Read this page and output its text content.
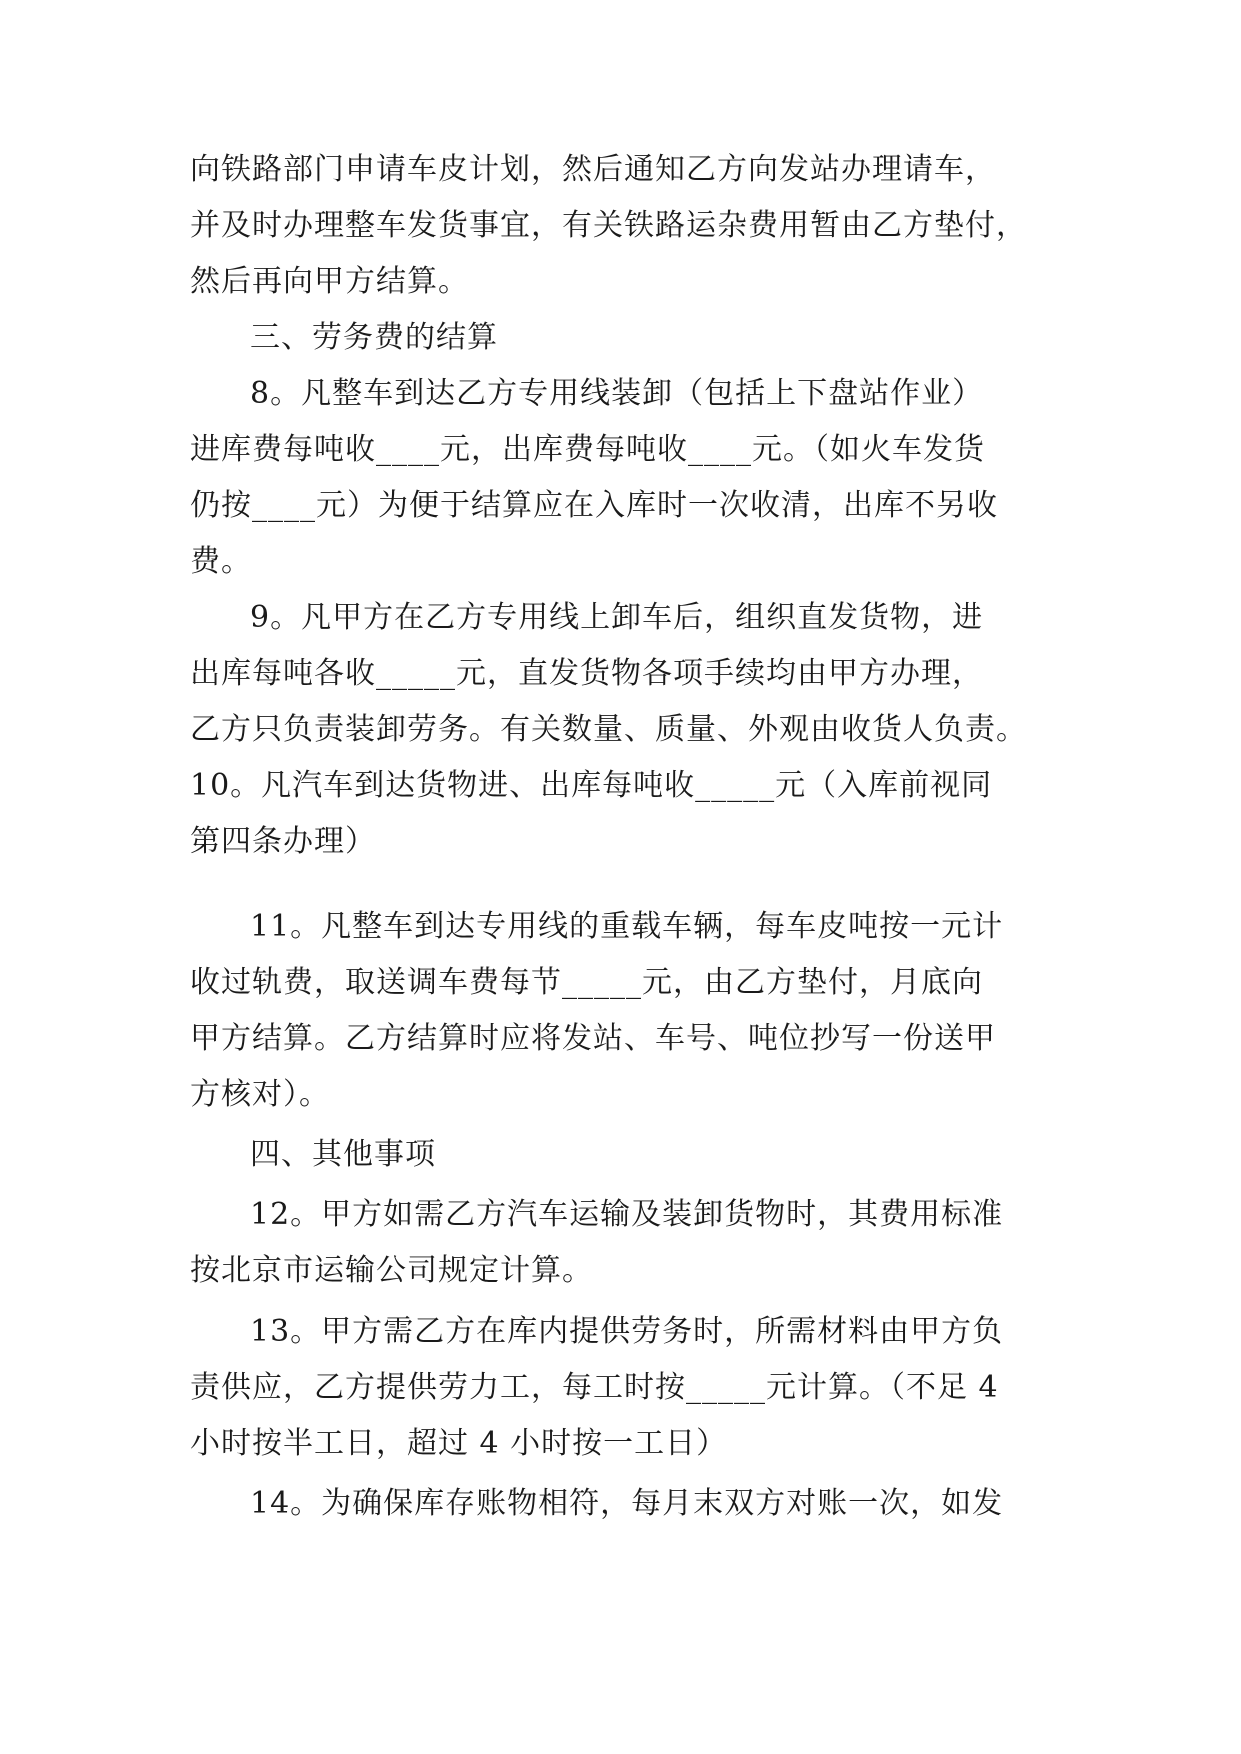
向铁路部门申请车皮计划，然后通知乙方向发站办理请车，
并及时办理整车发货事宜，有关铁路运杂费用暂由乙方垫付，
然后再向甲方结算。
三、劳务费的结算
8。凡整车到达乙方专用线装卸（包括上下盘站作业）
进库费每吨收____元，出库费每吨收____元。（如火车发货
仍按____元）为便于结算应在入库时一次收清，出库不另收
费。
9。凡甲方在乙方专用线上卸车后，组织直发货物，进
出库每吨各收_____元，直发货物各项手续均由甲方办理，
乙方只负责装卸劳务。有关数量、质量、外观由收货人负责。
10。凡汽车到达货物进、出库每吨收_____元（入库前视同
第四条办理）
11。凡整车到达专用线的重载车辆，每车皮吨按一元计
收过轨费，取送调车费每节_____元，由乙方垫付，月底向
甲方结算。乙方结算时应将发站、车号、吨位抄写一份送甲
方核对）。
四、其他事项
12。甲方如需乙方汽车运输及装卸货物时，其费用标准
按北京市运输公司规定计算。
13。甲方需乙方在库内提供劳务时，所需材料由甲方负
责供应，乙方提供劳力工，每工时按_____元计算。（不足 4
小时按半工日，超过 4 小时按一工日）
14。为确保库存账物相符，每月末双方对账一次，如发
